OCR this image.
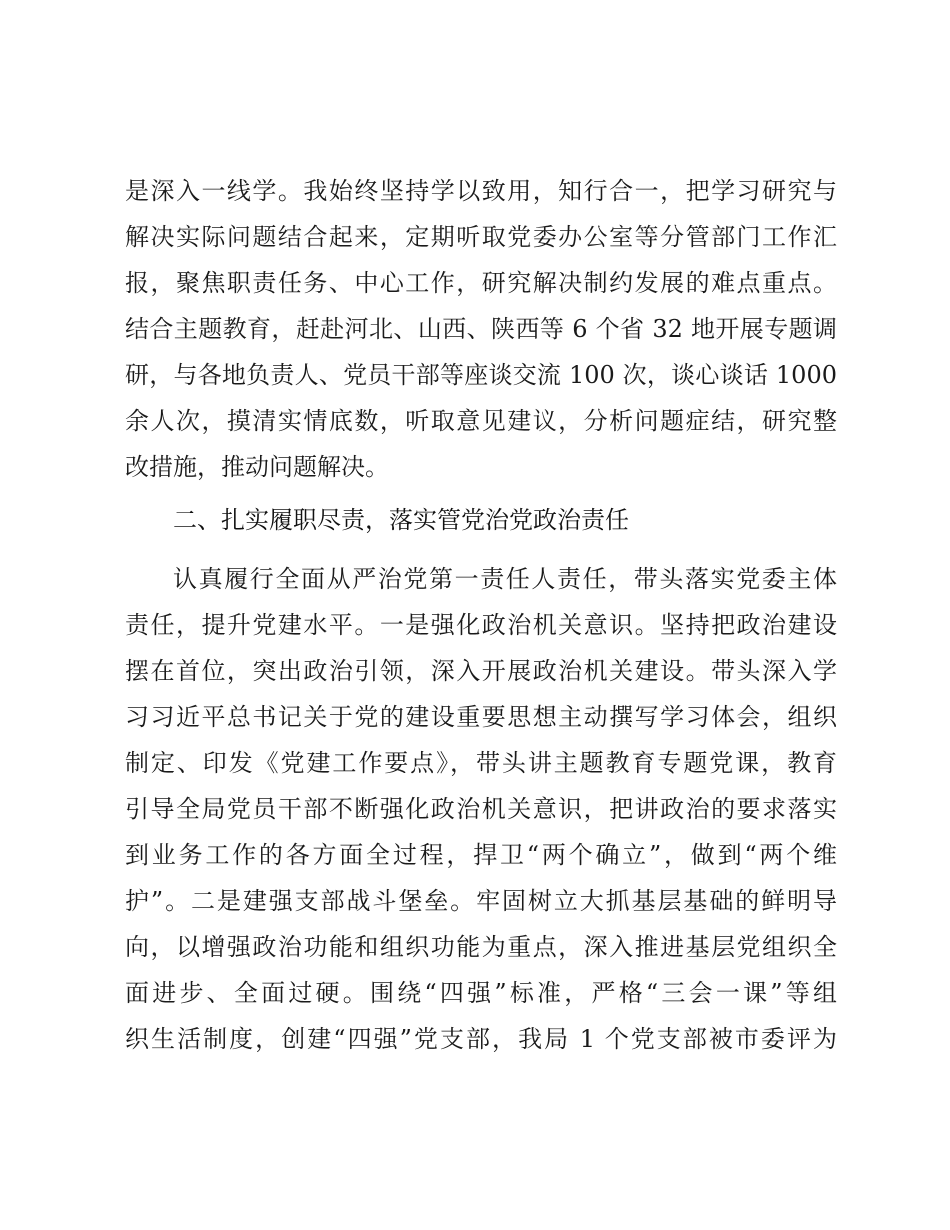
是深入一线学。我始终坚持学以致用，知行合一，把学习研究与
解决实际问题结合起来，定期听取党委办公室等分管部门工作汇
报，聚焦职责任务、中心工作，研究解决制约发展的难点重点。
结合主题教育，赶赴河北、山西、陕西等 6 个省 32 地开展专题调
研，与各地负责人、党员干部等座谈交流 100 次，谈心谈话 1000
余人次，摸清实情底数，听取意见建议，分析问题症结，研究整
改措施，推动问题解决。
二、扎实履职尽责，落实管党治党政治责任
认真履行全面从严治党第一责任人责任，带头落实党委主体
责任，提升党建水平。一是强化政治机关意识。坚持把政治建设
摆在首位，突出政治引领，深入开展政治机关建设。带头深入学
习习近平总书记关于党的建设重要思想主动撰写学习体会，组织
制定、印发《党建工作要点》，带头讲主题教育专题党课，教育
引导全局党员干部不断强化政治机关意识，把讲政治的要求落实
到业务工作的各方面全过程，捍卫“两个确立”，做到“两个维
护”。二是建强支部战斗堡垒。牢固树立大抓基层基础的鲜明导
向，以增强政治功能和组织功能为重点，深入推进基层党组织全
面进步、全面过硬。围绕“四强”标准，严格“三会一课”等组
织生活制度，创建“四强”党支部，我局 1 个党支部被市委评为
